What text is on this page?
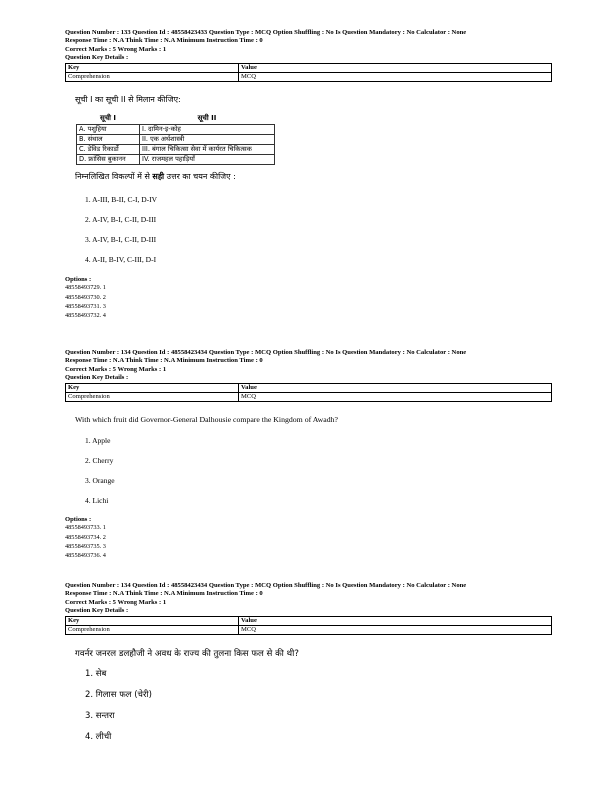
Question Number : 133 Question Id : 48558423433 Question Type : MCQ Option Shuffling : No Is Question Mandatory : No Calculator : None
Response Time : N.A Think Time : N.A Minimum Instruction Time : 0
Correct Marks : 5 Wrong Marks : 1
Question Key Details :
Key	Value
Comprehension	MCQ
सूची I का सूची II से मिलान कीजिए:
सूची I	सूची II
A. पशुहिया	I. दामिन-इ-कोह
B. संथाल	II. एक अर्थशास्त्री
C. डेविड रिकार्डो	III. बंगाल चिकित्सा सेवा में कार्यरत चिकित्सक
D. फ्रांसिस बुकानन	IV. राजमहल पहाड़ियाँ
निम्नलिखित विकल्पों में से सही उत्तर का चयन कीजिए :
1. A-III, B-II, C-I, D-IV
2. A-IV, B-I, C-II, D-III
3. A-IV, B-I, C-II, D-III
4. A-II, B-IV, C-III, D-I
Options :
48558493729. 1
48558493730. 2
48558493731. 3
48558493732. 4
Question Number : 134 Question Id : 48558423434 Question Type : MCQ Option Shuffling : No Is Question Mandatory : No Calculator : None
Response Time : N.A Think Time : N.A Minimum Instruction Time : 0
Correct Marks : 5 Wrong Marks : 1
Question Key Details :
Key	Value
Comprehension	MCQ
With which fruit did Governor-General Dalhousie compare the Kingdom of Awadh?
1. Apple
2. Cherry
3. Orange
4. Lichi
Options :
48558493733. 1
48558493734. 2
48558493735. 3
48558493736. 4
Question Number : 134 Question Id : 48558423434 Question Type : MCQ Option Shuffling : No Is Question Mandatory : No Calculator : None
Response Time : N.A Think Time : N.A Minimum Instruction Time : 0
Correct Marks : 5 Wrong Marks : 1
Question Key Details :
Key	Value
Comprehension	MCQ
गवर्नर जनरल डलहौजी ने अवध के राज्य की तुलना किस फल से की थी?
1. सेब
2. गिलास फल (चेरी)
3. सन्तरा
4. लीची
